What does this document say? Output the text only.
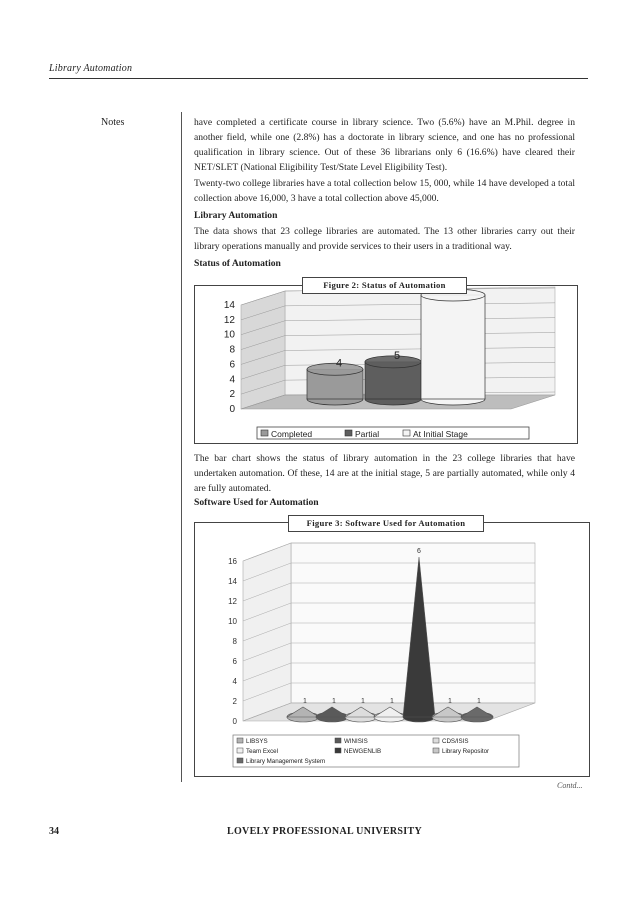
Library Automation
Notes	have completed a certificate course in library science. Two (5.6%) have an M.Phil. degree in another field, while one (2.8%) has a doctorate in library science, and one has no professional qualification in library science. Out of these 36 librarians only 6 (16.6%) have cleared their NET/SLET (National Eligibility Test/State Level Eligibility Test).
Twenty-two college libraries have a total collection below 15, 000, while 14 have developed a total collection above 16,000, 3 have a total collection above 45,000.
Library Automation
The data shows that 23 college libraries are automated. The 13 other libraries carry out their library operations manually and provide services to their users in a traditional way.
Status of Automation
0
2
4
6
8
10
12
14
4
5
Completed	Partial	At Initial Stage
Figure 2: Status of Automation
The bar chart shows the status of library automation in the 23 college libraries that have undertaken automation. Of these, 14 are at the initial stage, 5 are partially automated, while only 4 are fully automated.
Software Used for Automation
0
2
4
6
8
10
12
14
16
1	1	1	1
6
1	1
LIBSYS	WINISIS	CDS/ISIS
Team Excel	NEWGENLIB	Library Repositor
Library Management System
Figure 3: Software Used for Automation
Contd...
34	LOVELY PROFESSIONAL UNIVERSITY
